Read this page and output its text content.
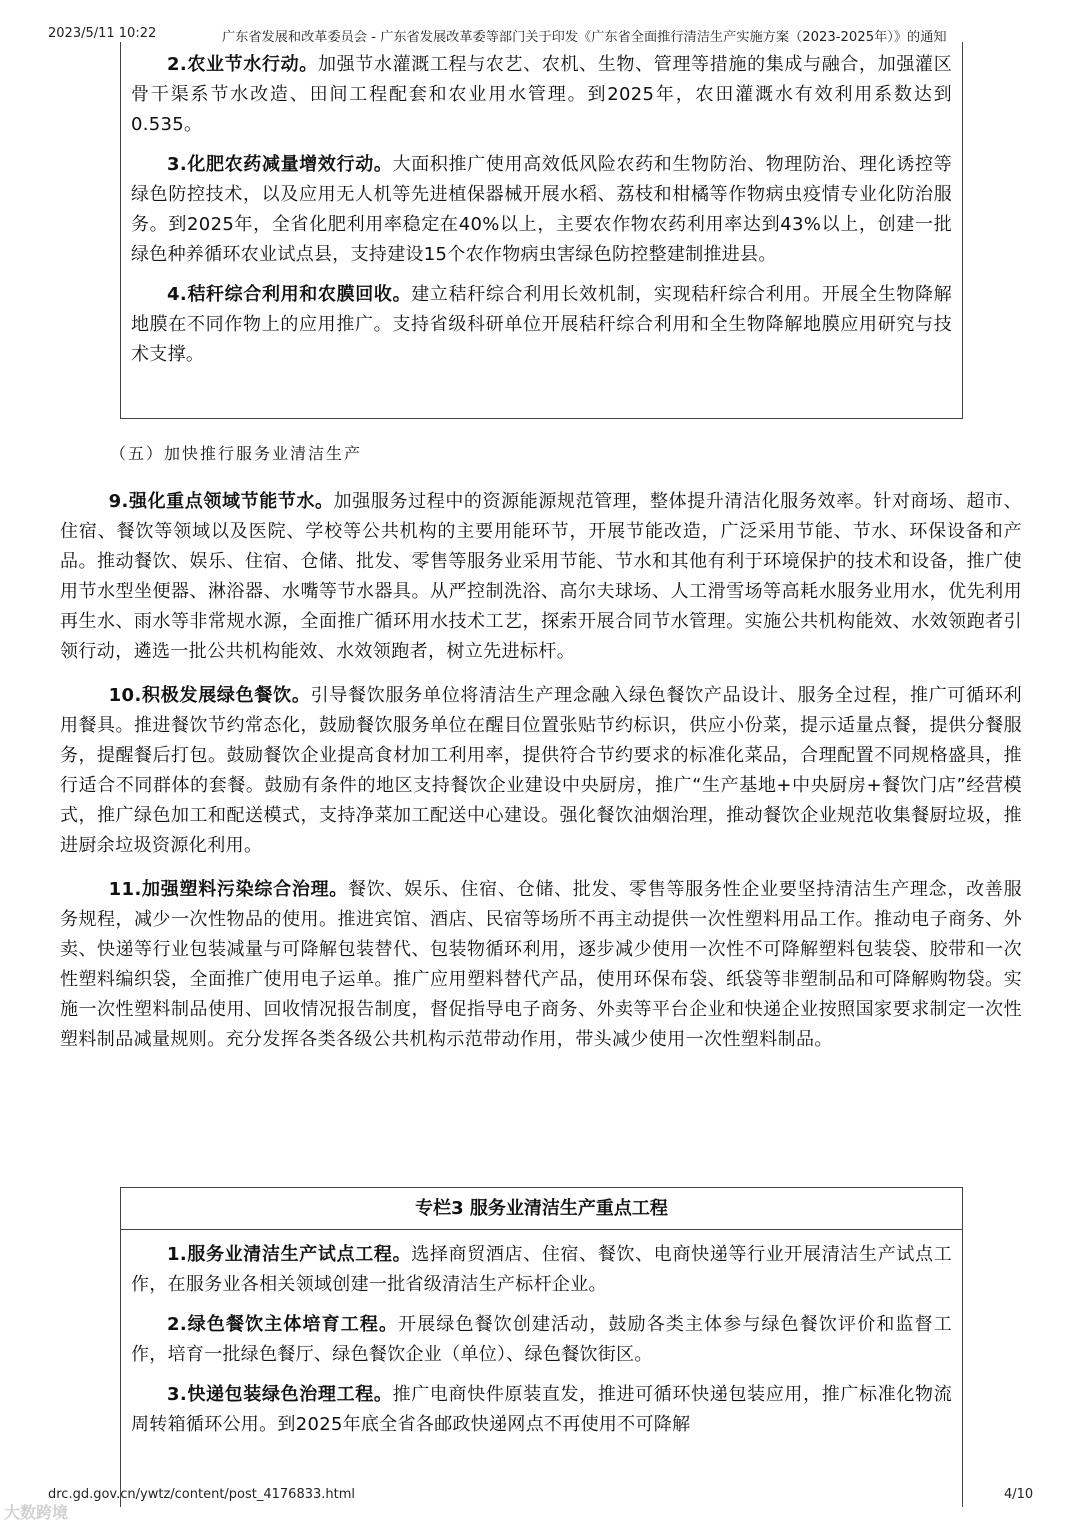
2023/5/11 10:22	广东省发展和改革委员会 - 广东省发展改革委等部门关于印发《广东省全面推行清洁生产实施方案（2023-2025年）》的通知

2.农业节水行动。加强节水灌溉工程与农艺、农机、生物、管理等措施的集成与融合，加强灌区骨干渠系节水改造、田间工程配套和农业用水管理。到2025年，农田灌溉水有效利用系数达到0.535。

3.化肥农药减量增效行动。大面积推广使用高效低风险农药和生物防治、物理防治、理化诱控等绿色防控技术，以及应用无人机等先进植保器械开展水稻、荔枝和柑橘等作物病虫疫情专业化防治服务。到2025年，全省化肥利用率稳定在40%以上，主要农作物农药利用率达到43%以上，创建一批绿色种养循环农业试点县，支持建设15个农作物病虫害绿色防控整建制推进县。

4.秸秆综合利用和农膜回收。建立秸秆综合利用长效机制，实现秸秆综合利用。开展全生物降解地膜在不同作物上的应用推广。支持省级科研单位开展秸秆综合利用和全生物降解地膜应用研究与技术支撑。

（五）加快推行服务业清洁生产

9.强化重点领域节能节水。加强服务过程中的资源能源规范管理，整体提升清洁化服务效率。针对商场、超市、住宿、餐饮等领域以及医院、学校等公共机构的主要用能环节，开展节能改造，广泛采用节能、节水、环保设备和产品。推动餐饮、娱乐、住宿、仓储、批发、零售等服务业采用节能、节水和其他有利于环境保护的技术和设备，推广使用节水型坐便器、淋浴器、水嘴等节水器具。从严控制洗浴、高尔夫球场、人工滑雪场等高耗水服务业用水，优先利用再生水、雨水等非常规水源，全面推广循环用水技术工艺，探索开展合同节水管理。实施公共机构能效、水效领跑者引领行动，遴选一批公共机构能效、水效领跑者，树立先进标杆。

10.积极发展绿色餐饮。引导餐饮服务单位将清洁生产理念融入绿色餐饮产品设计、服务全过程，推广可循环利用餐具。推进餐饮节约常态化，鼓励餐饮服务单位在醒目位置张贴节约标识，供应小份菜，提示适量点餐，提供分餐服务，提醒餐后打包。鼓励餐饮企业提高食材加工利用率，提供符合节约要求的标准化菜品，合理配置不同规格盛具，推行适合不同群体的套餐。鼓励有条件的地区支持餐饮企业建设中央厨房，推广“生产基地+中央厨房+餐饮门店”经营模式，推广绿色加工和配送模式，支持净菜加工配送中心建设。强化餐饮油烟治理，推动餐饮企业规范收集餐厨垃圾，推进厨余垃圾资源化利用。

11.加强塑料污染综合治理。餐饮、娱乐、住宿、仓储、批发、零售等服务性企业要坚持清洁生产理念，改善服务规程，减少一次性物品的使用。推进宾馆、酒店、民宿等场所不再主动提供一次性塑料用品工作。推动电子商务、外卖、快递等行业包装减量与可降解包装替代、包装物循环利用，逐步减少使用一次性不可降解塑料包装袋、胶带和一次性塑料编织袋，全面推广使用电子运单。推广应用塑料替代产品，使用环保布袋、纸袋等非塑制品和可降解购物袋。实施一次性塑料制品使用、回收情况报告制度，督促指导电子商务、外卖等平台企业和快递企业按照国家要求制定一次性塑料制品减量规则。充分发挥各类各级公共机构示范带动作用，带头减少使用一次性塑料制品。

专栏3 服务业清洁生产重点工程

1.服务业清洁生产试点工程。选择商贸酒店、住宿、餐饮、电商快递等行业开展清洁生产试点工作，在服务业各相关领域创建一批省级清洁生产标杆企业。

2.绿色餐饮主体培育工程。开展绿色餐饮创建活动，鼓励各类主体参与绿色餐饮评价和监督工作，培育一批绿色餐厅、绿色餐饮企业（单位）、绿色餐饮街区。

3.快递包装绿色治理工程。推广电商快件原装直发，推进可循环快递包装应用，推广标准化物流周转箱循环公用。到2025年底全省各邮政快递网点不再使用不可降解

drc.gd.gov.cn/ywtz/content/post_4176833.html	4/10
大数跨境
